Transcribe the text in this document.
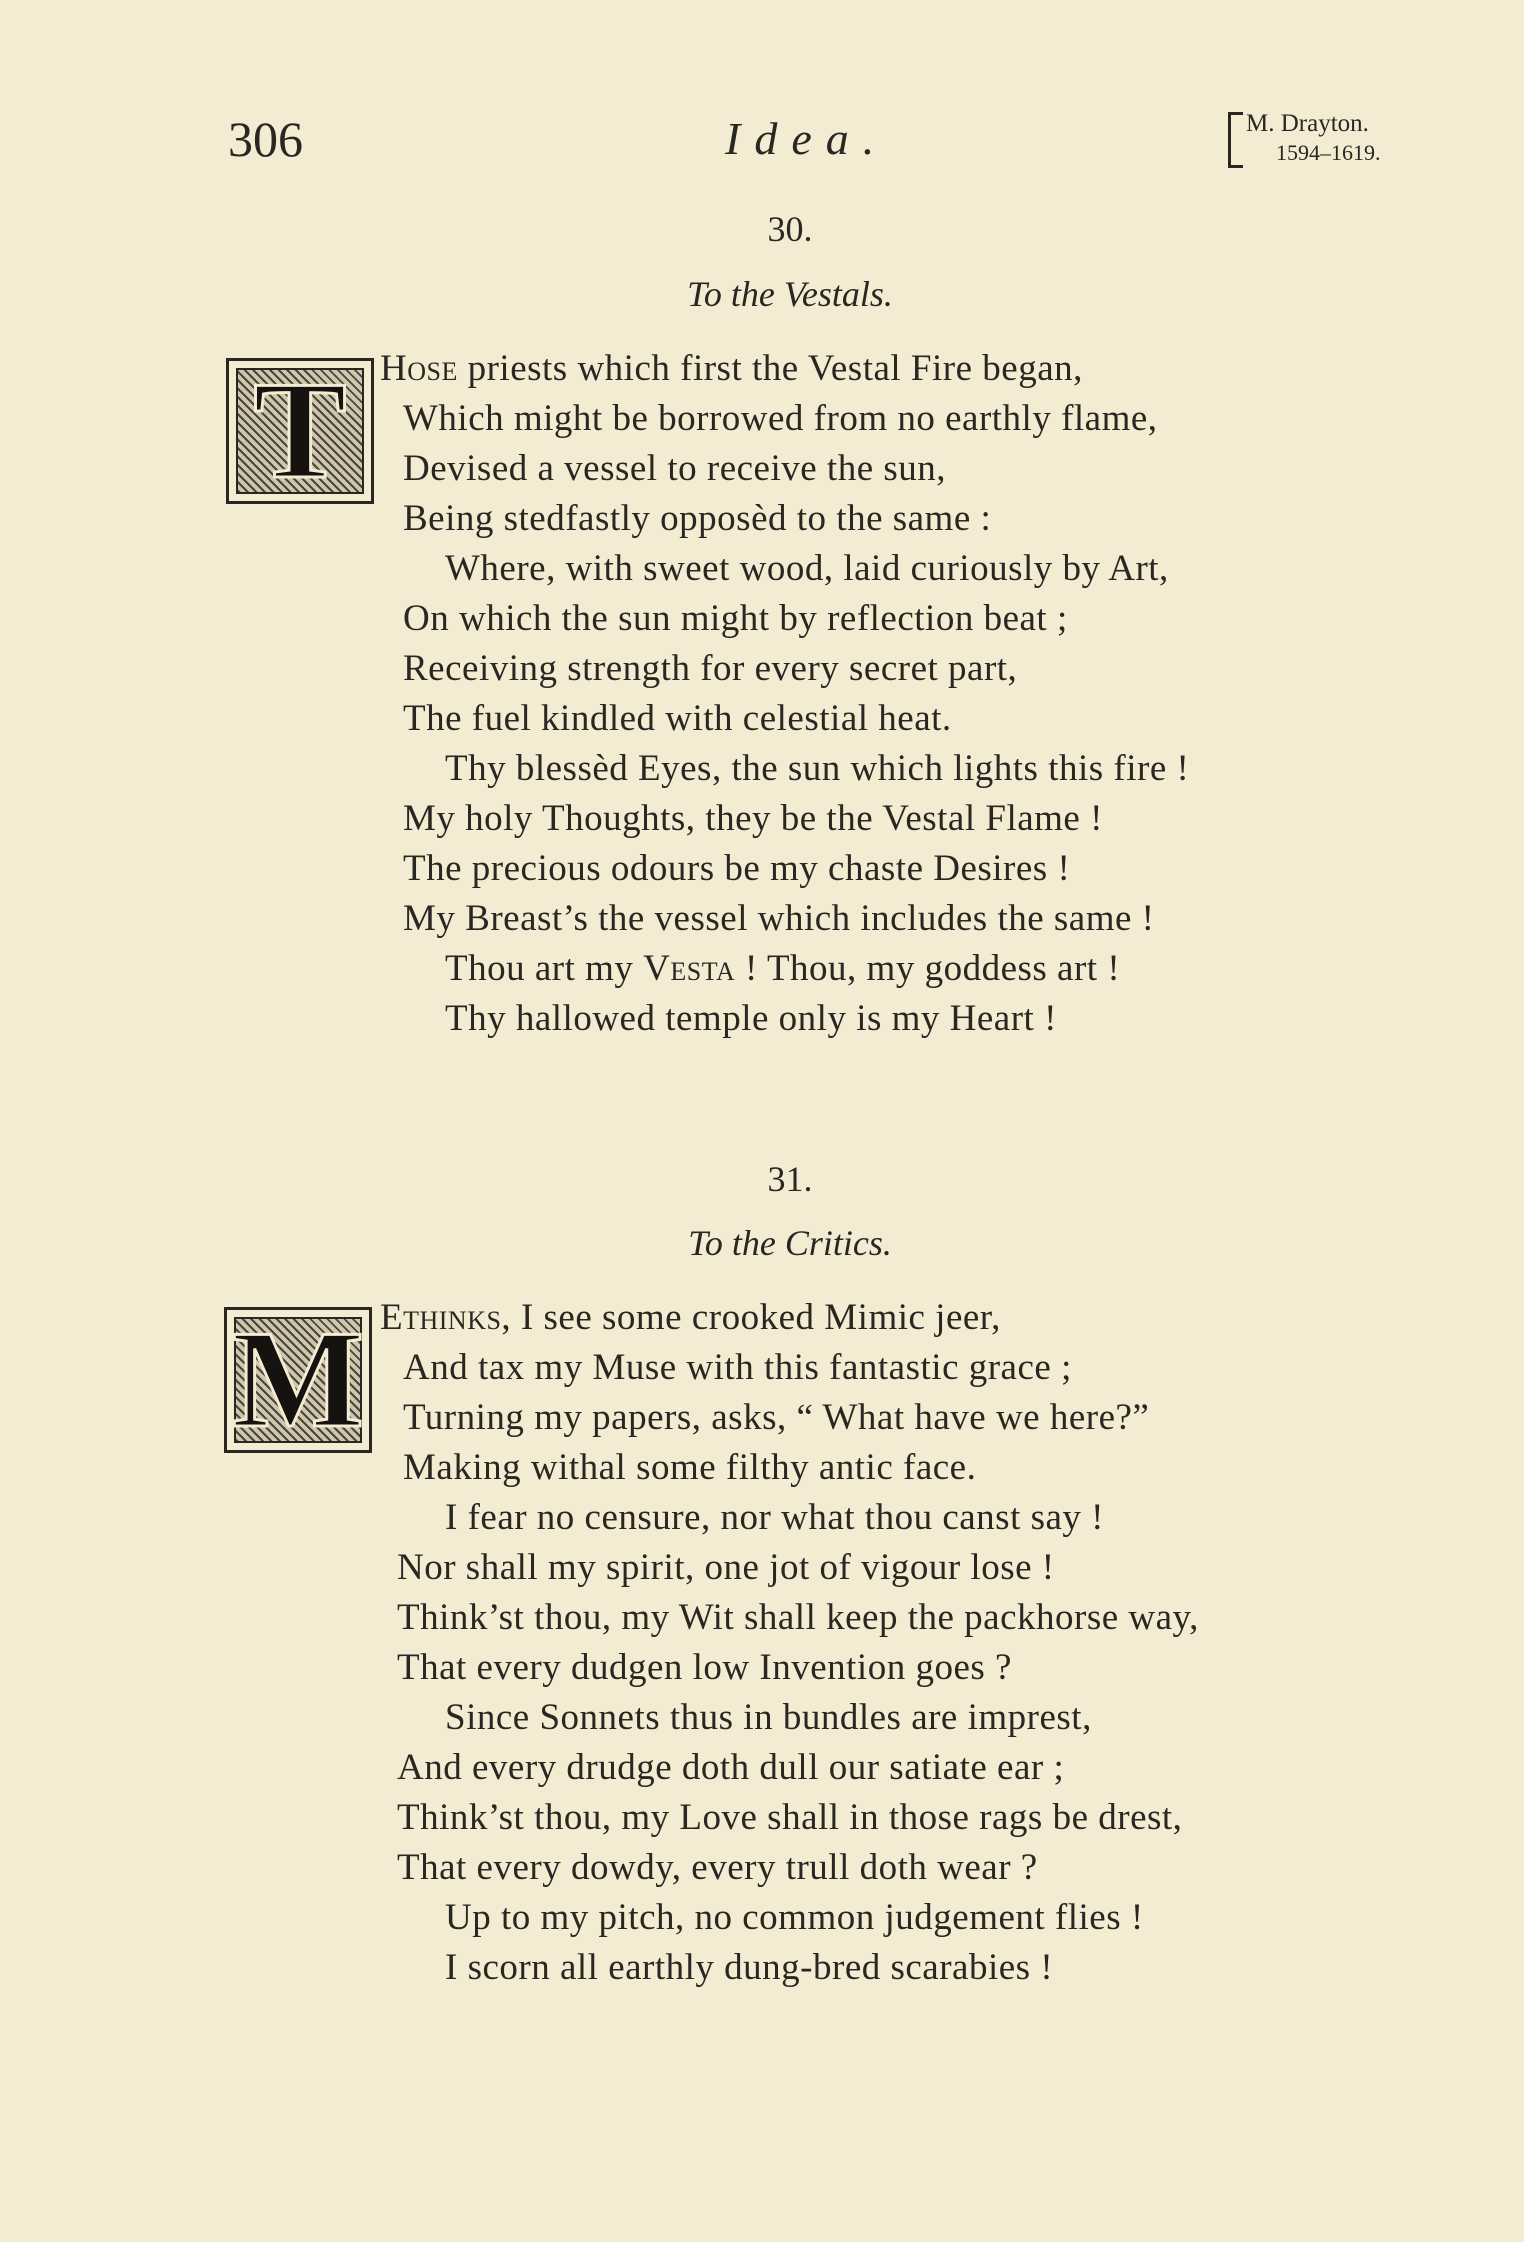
306	Idea.	M. Drayton.
1594–1619.
30.
To the Vestals.
T Hose priests which first the Vestal Fire began,
Which might be borrowed from no earthly flame,
Devised a vessel to receive the sun,
Being stedfastly opposèd to the same :
Where, with sweet wood, laid curiously by Art,
On which the sun might by reflection beat ;
Receiving strength for every secret part,
The fuel kindled with celestial heat.
Thy blessèd Eyes, the sun which lights this fire !
My holy Thoughts, they be the Vestal Flame !
The precious odours be my chaste Desires !
My Breast’s the vessel which includes the same !
Thou art my Vesta ! Thou, my goddess art !
Thy hallowed temple only is my Heart !
31.
To the Critics.
M Ethinks, I see some crooked Mimic jeer,
And tax my Muse with this fantastic grace ;
Turning my papers, asks, “ What have we here?”
Making withal some filthy antic face.
I fear no censure, nor what thou canst say !
Nor shall my spirit, one jot of vigour lose !
Think’st thou, my Wit shall keep the packhorse way,
That every dudgen low Invention goes ?
Since Sonnets thus in bundles are imprest,
And every drudge doth dull our satiate ear ;
Think’st thou, my Love shall in those rags be drest,
That every dowdy, every trull doth wear ?
Up to my pitch, no common judgement flies !
I scorn all earthly dung-bred scarabies !
